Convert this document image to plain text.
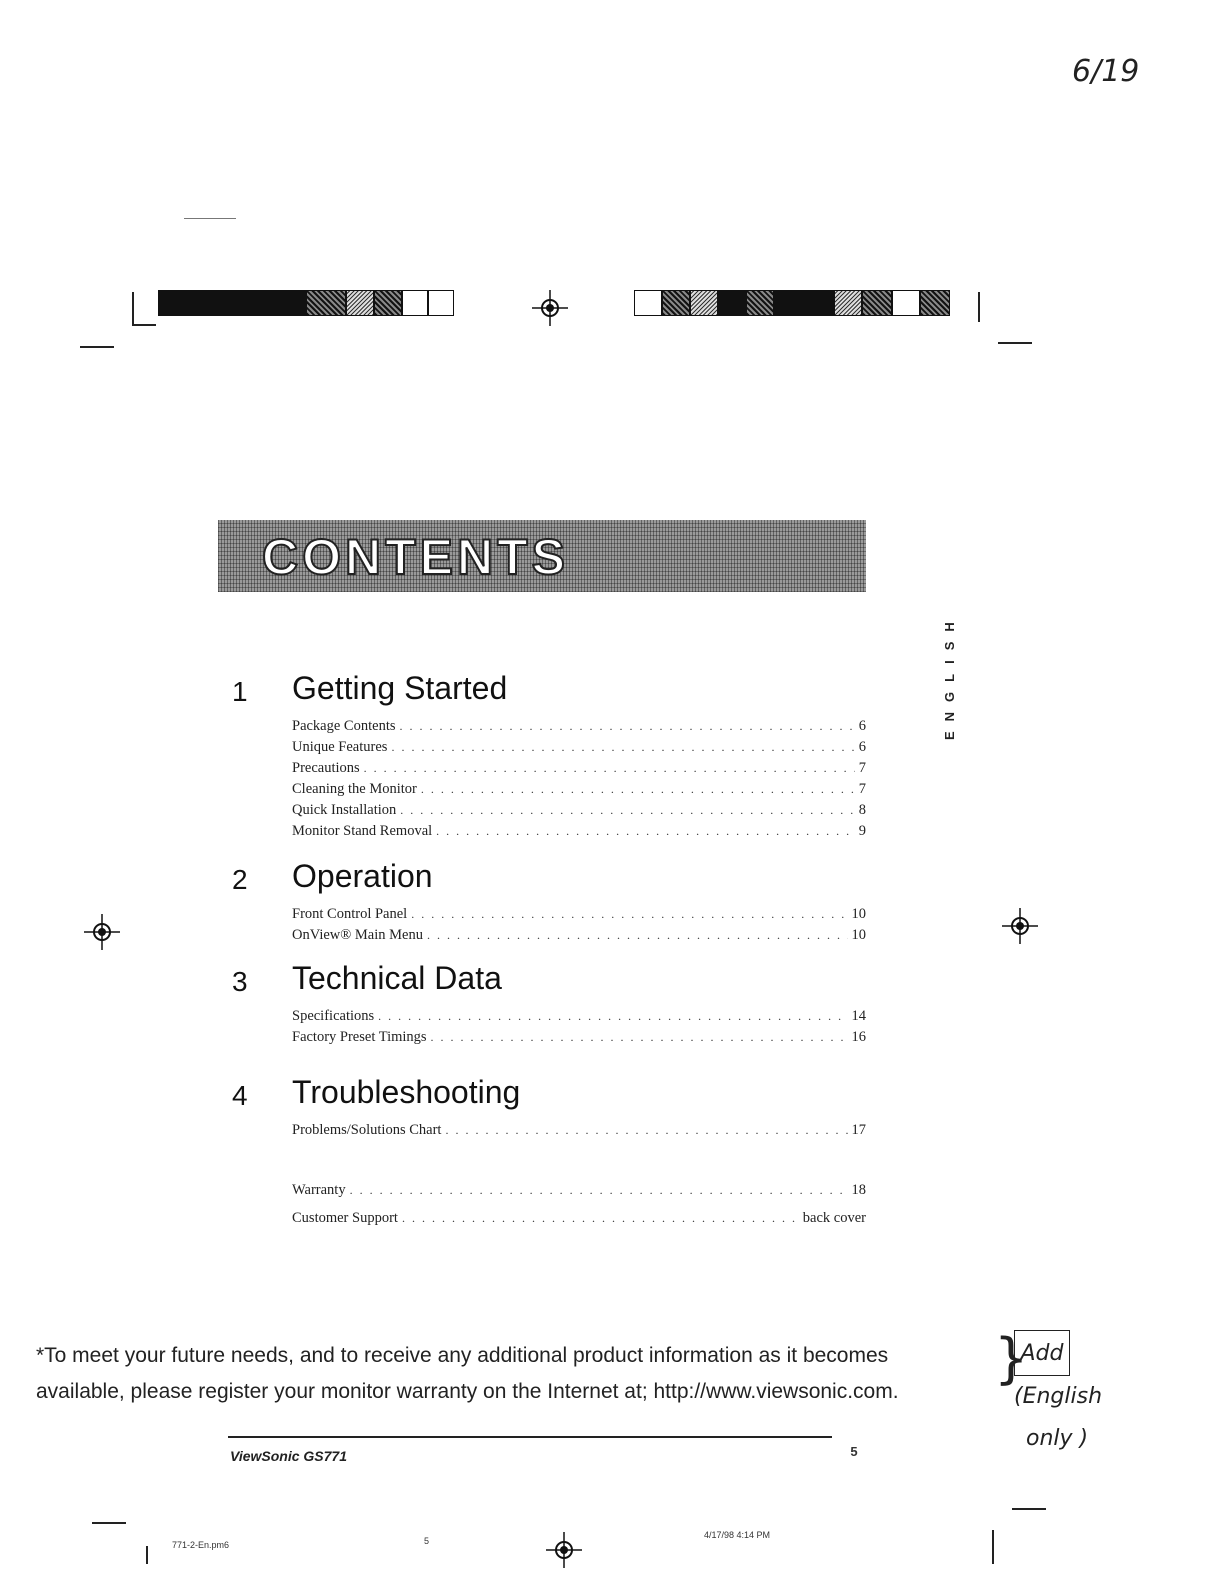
6/19
CONTENTS
ENGLISH
1	Getting Started
Package Contents . . .	6
Unique Features . . .	6
Precautions . . .	7
Cleaning the Monitor . . .	7
Quick Installation . . .	8
Monitor Stand Removal . . .	9
2	Operation
Front Control Panel . . .	10
OnView® Main Menu . . .	10
3	Technical Data
Specifications . . .	14
Factory Preset Timings . . .	16
4	Troubleshooting
Problems/Solutions Chart . . .	17
Warranty . . .	18
Customer Support . . .	back cover
*To meet your future needs, and to receive any additional product information as it becomes
available, please register your monitor warranty on the Internet at; http://www.viewsonic.com.
}
Add
(English
only )
ViewSonic GS771	5
771-2-En.pm6	5
4/17/98 4:14 PM
